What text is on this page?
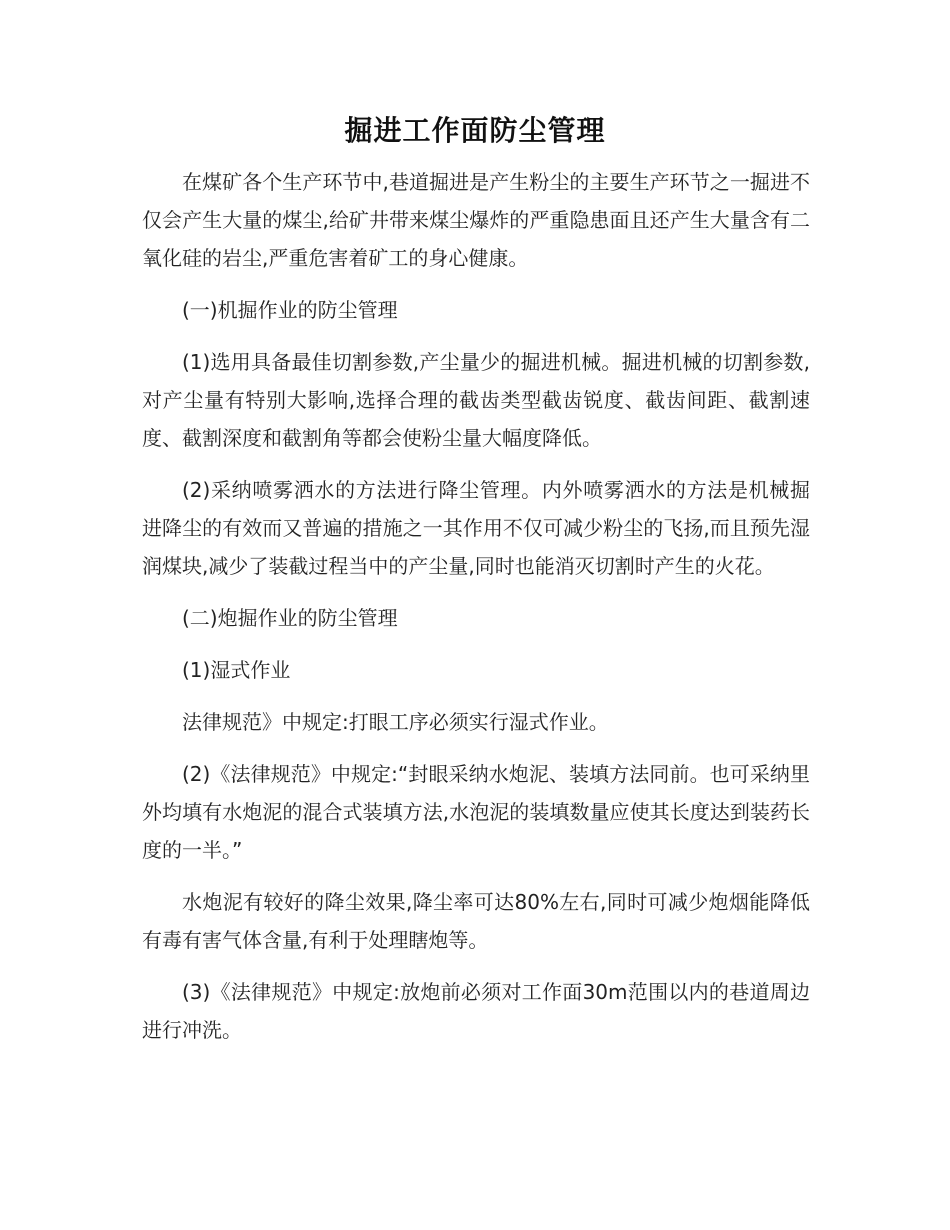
掘进工作面防尘管理

在煤矿各个生产环节中,巷道掘进是产生粉尘的主要生产环节之一掘进不仅会产生大量的煤尘,给矿井带来煤尘爆炸的严重隐患面且还产生大量含有二氧化硅的岩尘,严重危害着矿工的身心健康。

(一)机掘作业的防尘管理

(1)选用具备最佳切割参数,产尘量少的掘进机械。掘进机械的切割参数,对产尘量有特别大影响,选择合理的截齿类型截齿锐度、截齿间距、截割速度、截割深度和截割角等都会使粉尘量大幅度降低。

(2)采纳喷雾洒水的方法进行降尘管理。内外喷雾洒水的方法是机械掘进降尘的有效而又普遍的措施之一其作用不仅可减少粉尘的飞扬,而且预先湿润煤块,减少了装截过程当中的产尘量,同时也能消灭切割时产生的火花。

(二)炮掘作业的防尘管理

(1)湿式作业

法律规范》中规定:打眼工序必须实行湿式作业。

(2)《法律规范》中规定:“封眼采纳水炮泥、装填方法同前。也可采纳里外均填有水炮泥的混合式装填方法,水泡泥的装填数量应使其长度达到装药长度的一半。”

水炮泥有较好的降尘效果,降尘率可达80%左右,同时可减少炮烟能降低有毒有害气体含量,有利于处理瞎炮等。

(3)《法律规范》中规定:放炮前必须对工作面30m范围以内的巷道周边进行冲洗。
